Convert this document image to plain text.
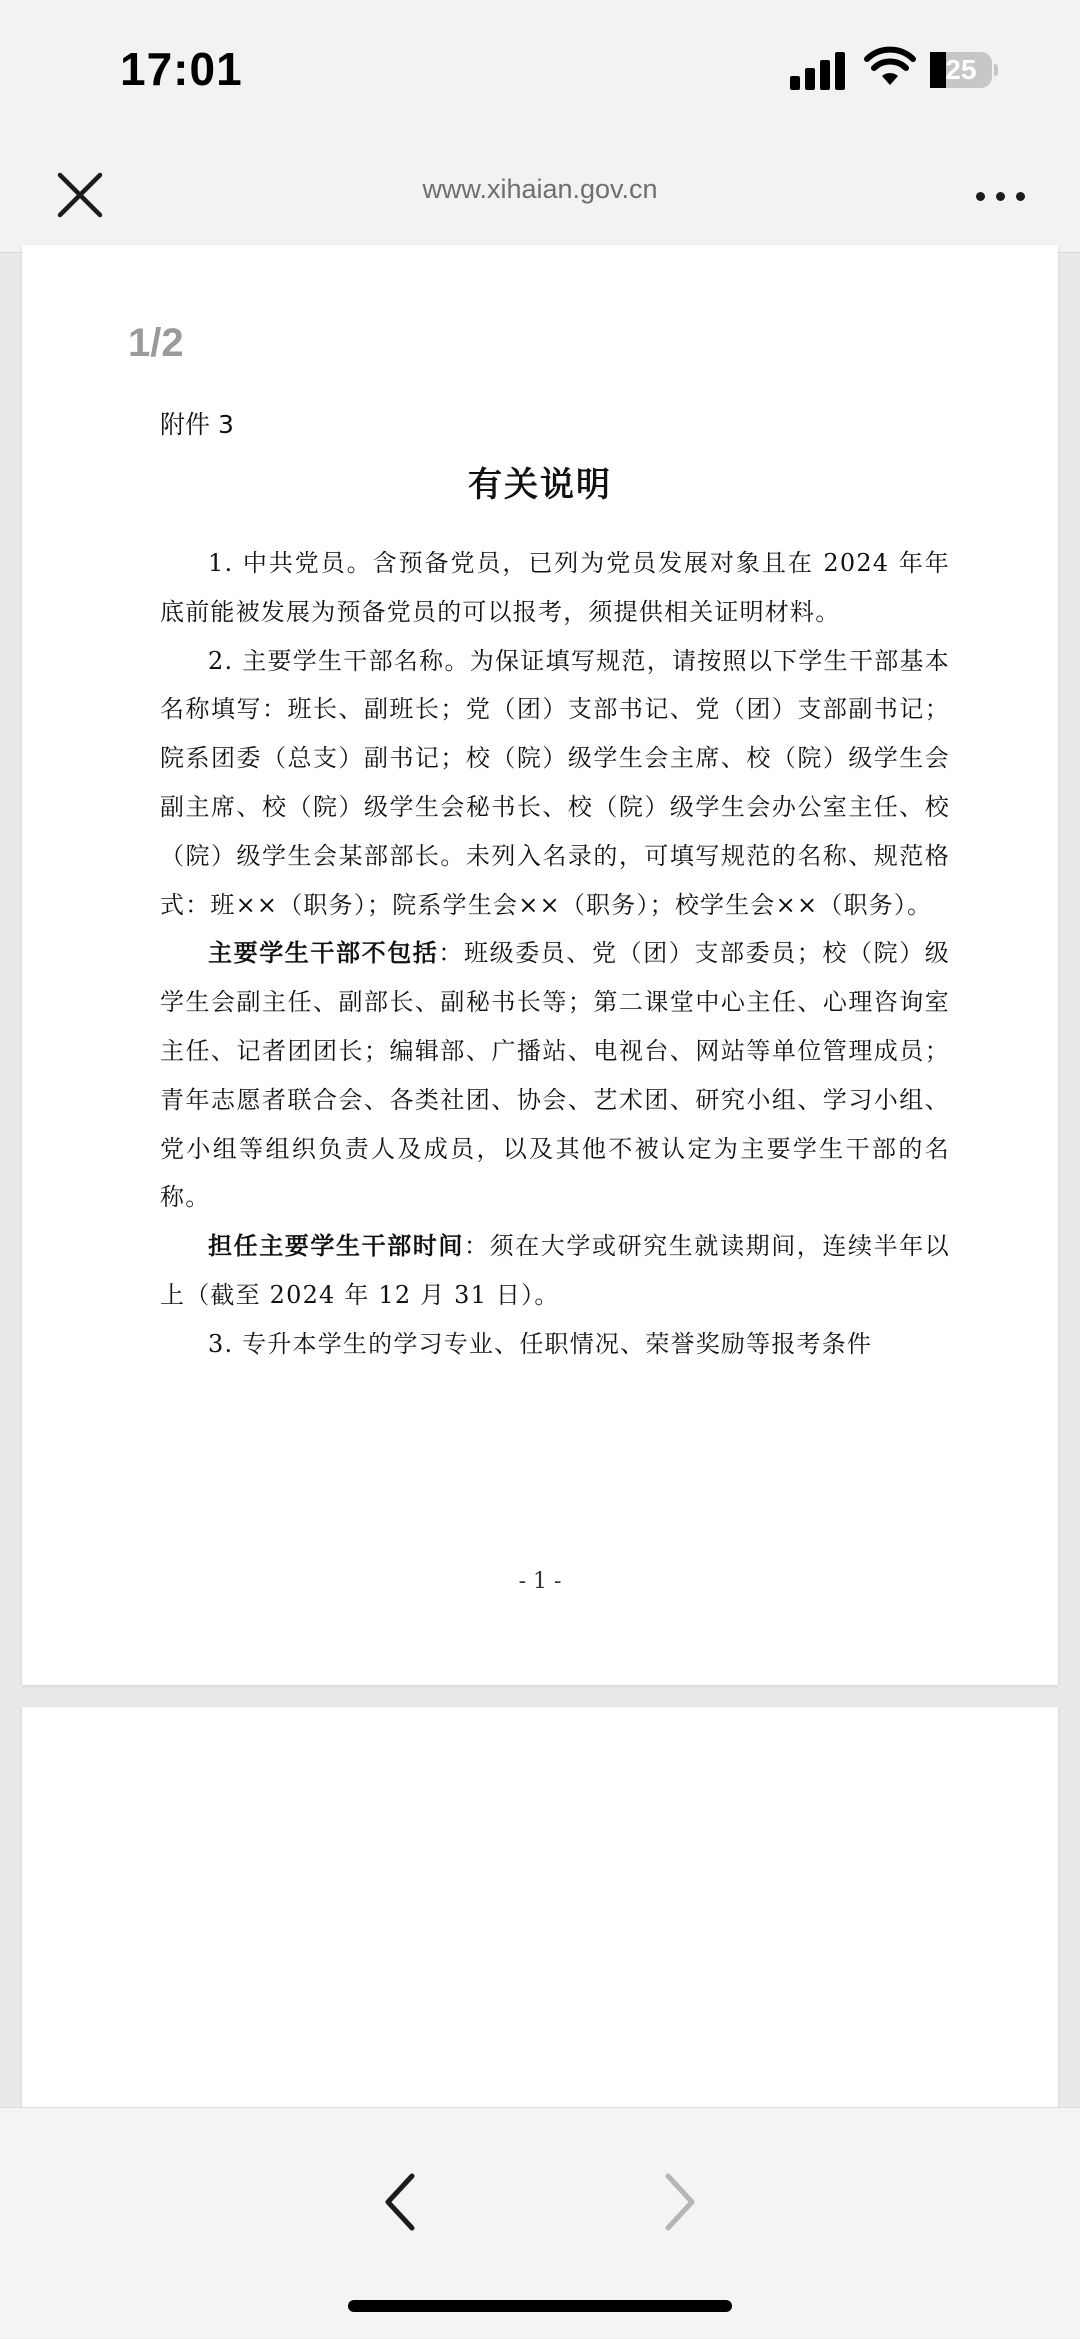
17:01	25
www.xihaian.gov.cn
1/2
附件 3
有关说明

1. 中共党员。含预备党员，已列为党员发展对象且在 2024 年年底前能被发展为预备党员的可以报考，须提供相关证明材料。

2. 主要学生干部名称。为保证填写规范，请按照以下学生干部基本名称填写：班长、副班长；党（团）支部书记、党（团）支部副书记；院系团委（总支）副书记；校（院）级学生会主席、校（院）级学生会副主席、校（院）级学生会秘书长、校（院）级学生会办公室主任、校（院）级学生会某部部长。未列入名录的，可填写规范的名称、规范格式：班××（职务）；院系学生会××（职务）；校学生会××（职务）。

主要学生干部不包括：班级委员、党（团）支部委员；校（院）级学生会副主任、副部长、副秘书长等；第二课堂中心主任、心理咨询室主任、记者团团长；编辑部、广播站、电视台、网站等单位管理成员；青年志愿者联合会、各类社团、协会、艺术团、研究小组、学习小组、党小组等组织负责人及成员，以及其他不被认定为主要学生干部的名称。

担任主要学生干部时间：须在大学或研究生就读期间，连续半年以上（截至 2024 年 12 月 31 日）。

3. 专升本学生的学习专业、任职情况、荣誉奖励等报考条件

- 1 -
